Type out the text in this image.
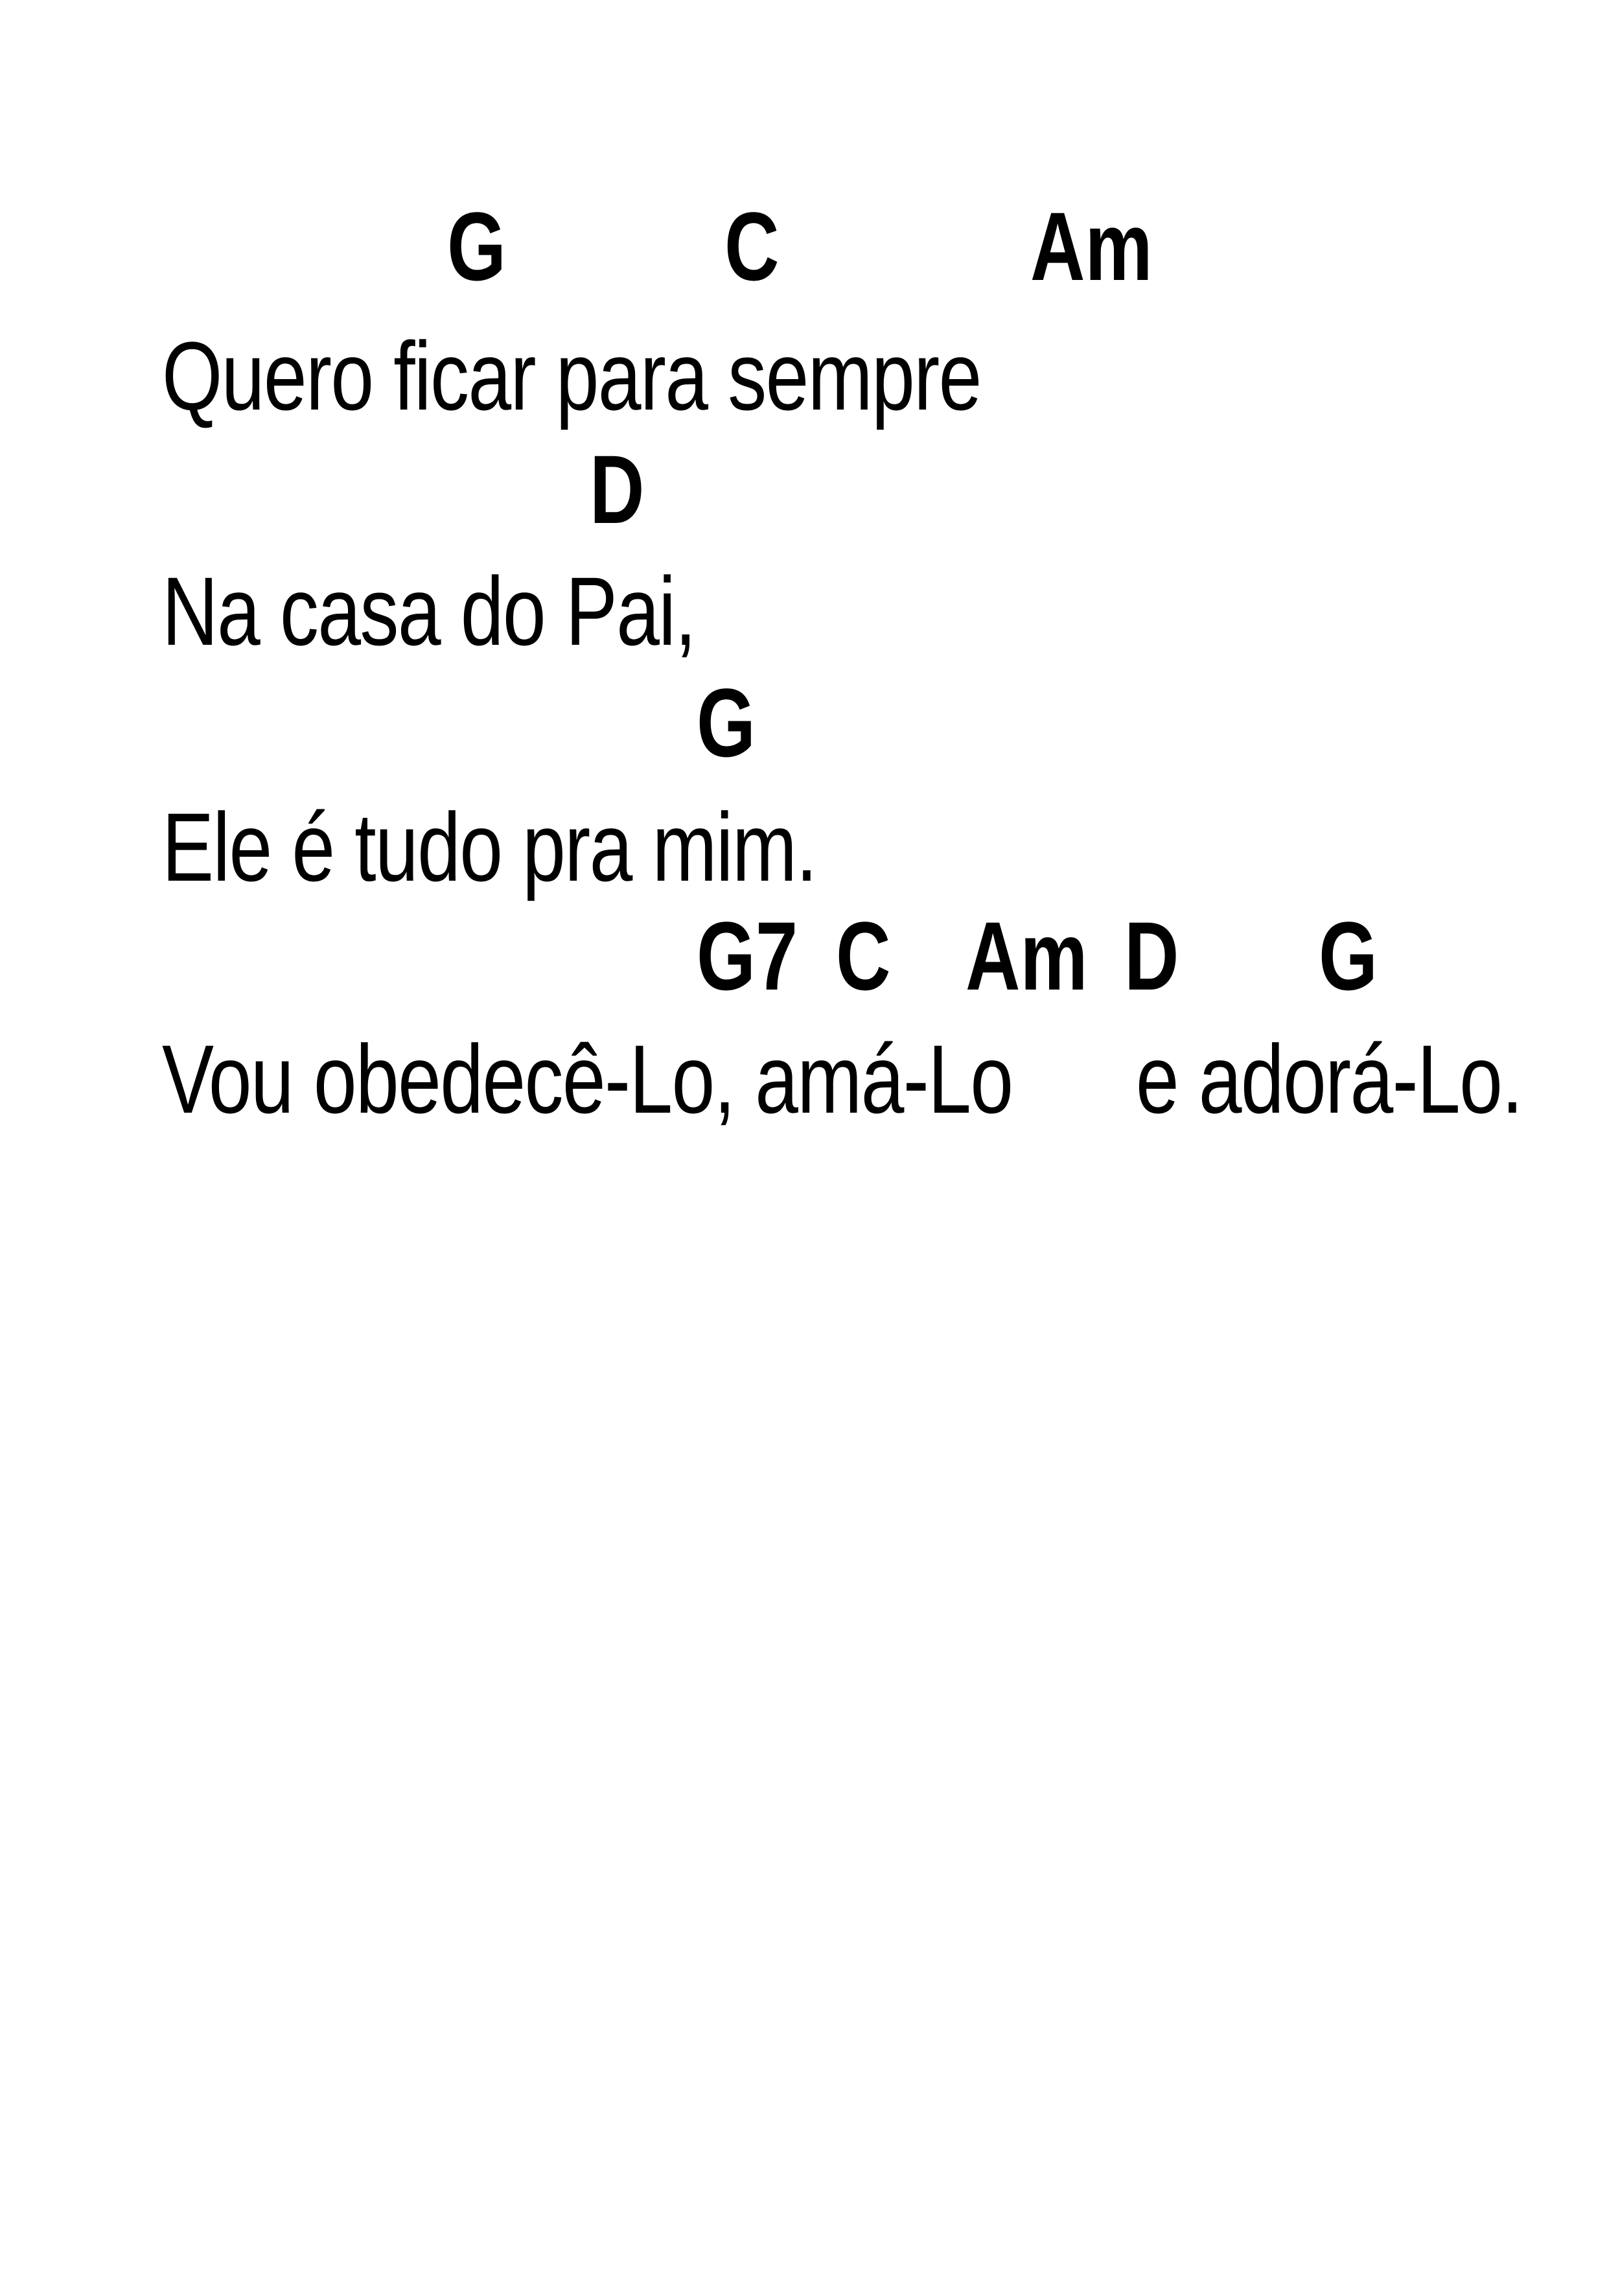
G C	Am
Quero ficar para sempre
D
Na casa do Pai,
G
Ele é tudo pra mim.
G7 C Am D G
Vou obedecê-Lo, amá-Lo      e adorá-Lo.
